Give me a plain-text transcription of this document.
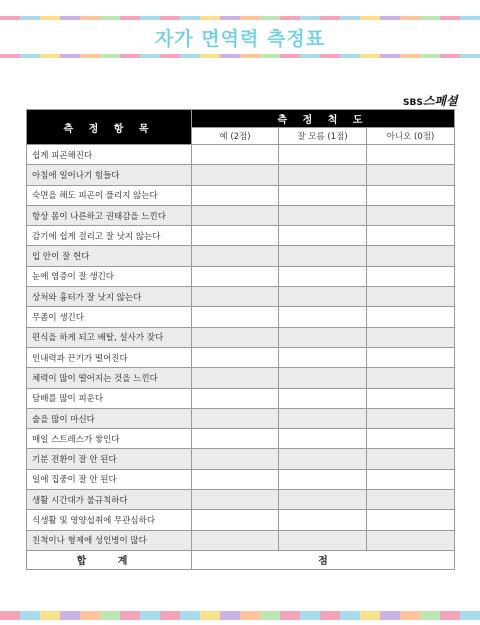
자가 면역력 측정표
SBS스페셜
측 정 항 목	측 정 척 도		
	예 (2점)	잘 모름 (1점)	아니오 (0점)
쉽게 피곤해진다			
아침에 일어나기 힘들다			
숙면을 해도 피곤이 풀리지 않는다			
항상 몸이 나른하고 권태감을 느낀다			
감기에 쉽게 걸리고 잘 낫지 않는다			
입 안이 잘 헌다			
눈에 염증이 잘 생긴다			
상처와 흉터가 잘 낫지 않는다			
무좀이 생긴다			
편식을 하게 되고 배탈, 설사가 잦다			
인내력과 끈기가 떨어진다			
체력이 많이 떨어지는 것을 느낀다			
담배를 많이 피운다			
술을 많이 마신다			
매일 스트레스가 쌓인다			
기분 전환이 잘 안 된다			
일에 집중이 잘 안 된다			
생활 시간대가 불규칙하다			
식생활 및 영양섭취에 무관심하다			
친척이나 형제에 성인병이 많다			
합 계	점		
